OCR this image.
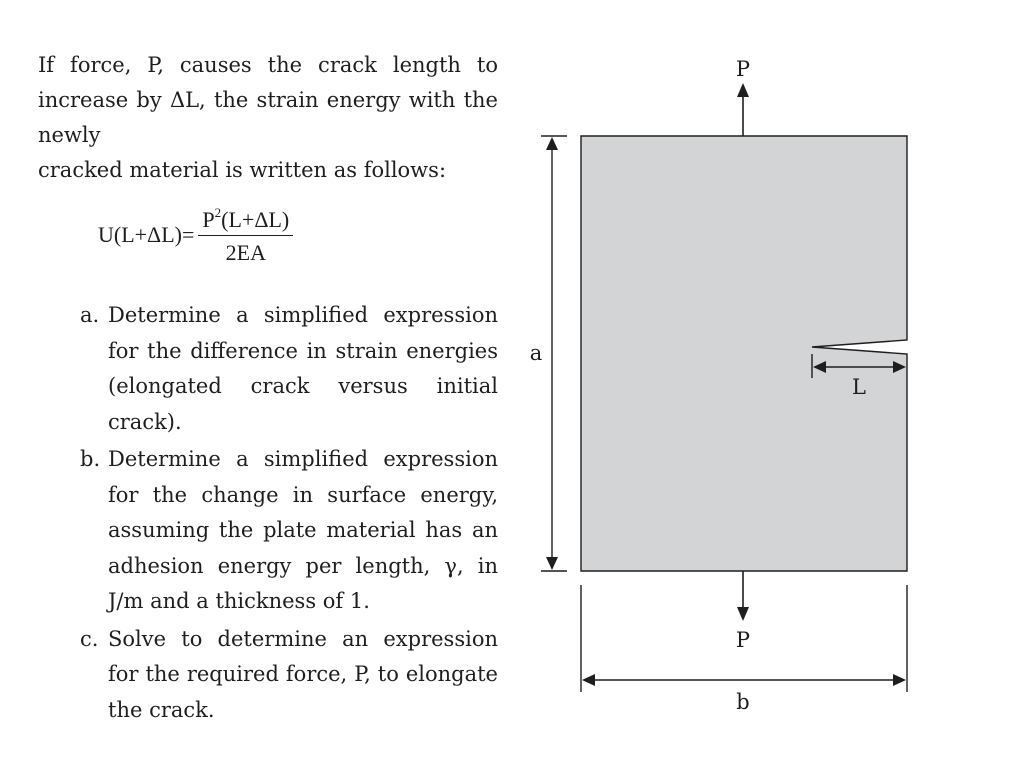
If force, P, causes the crack length to increase by ΔL, the strain energy with the newly
cracked material is written as follows:

$U(L+\Delta L)= \frac{P^2(L+\Delta L)}{2EA}$
a. Determine a simplified expression for the difference in strain energies (elongated crack versus initial crack).
b. Determine a simplified expression for the change in surface energy, assuming the plate material has an adhesion energy per length, γ, in J/m and a thickness of 1.
c. Solve to determine an expression for the required force, P, to elongate the crack.
P
P
a
L
b
